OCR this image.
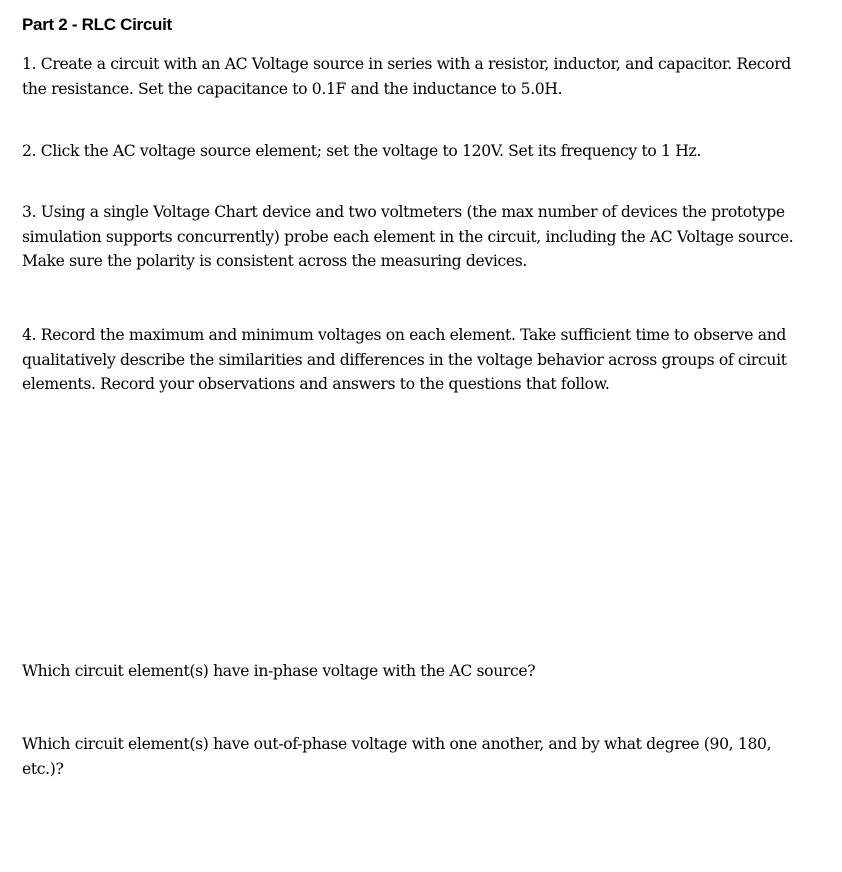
Part 2 - RLC Circuit

1. Create a circuit with an AC Voltage source in series with a resistor, inductor, and capacitor. Record the resistance. Set the capacitance to 0.1F and the inductance to 5.0H.

2. Click the AC voltage source element; set the voltage to 120V. Set its frequency to 1 Hz.

3. Using a single Voltage Chart device and two voltmeters (the max number of devices the prototype simulation supports concurrently) probe each element in the circuit, including the AC Voltage source. Make sure the polarity is consistent across the measuring devices.

4. Record the maximum and minimum voltages on each element. Take sufficient time to observe and qualitatively describe the similarities and differences in the voltage behavior across groups of circuit elements. Record your observations and answers to the questions that follow.

Which circuit element(s) have in-phase voltage with the AC source?

Which circuit element(s) have out-of-phase voltage with one another, and by what degree (90, 180, etc.)?
